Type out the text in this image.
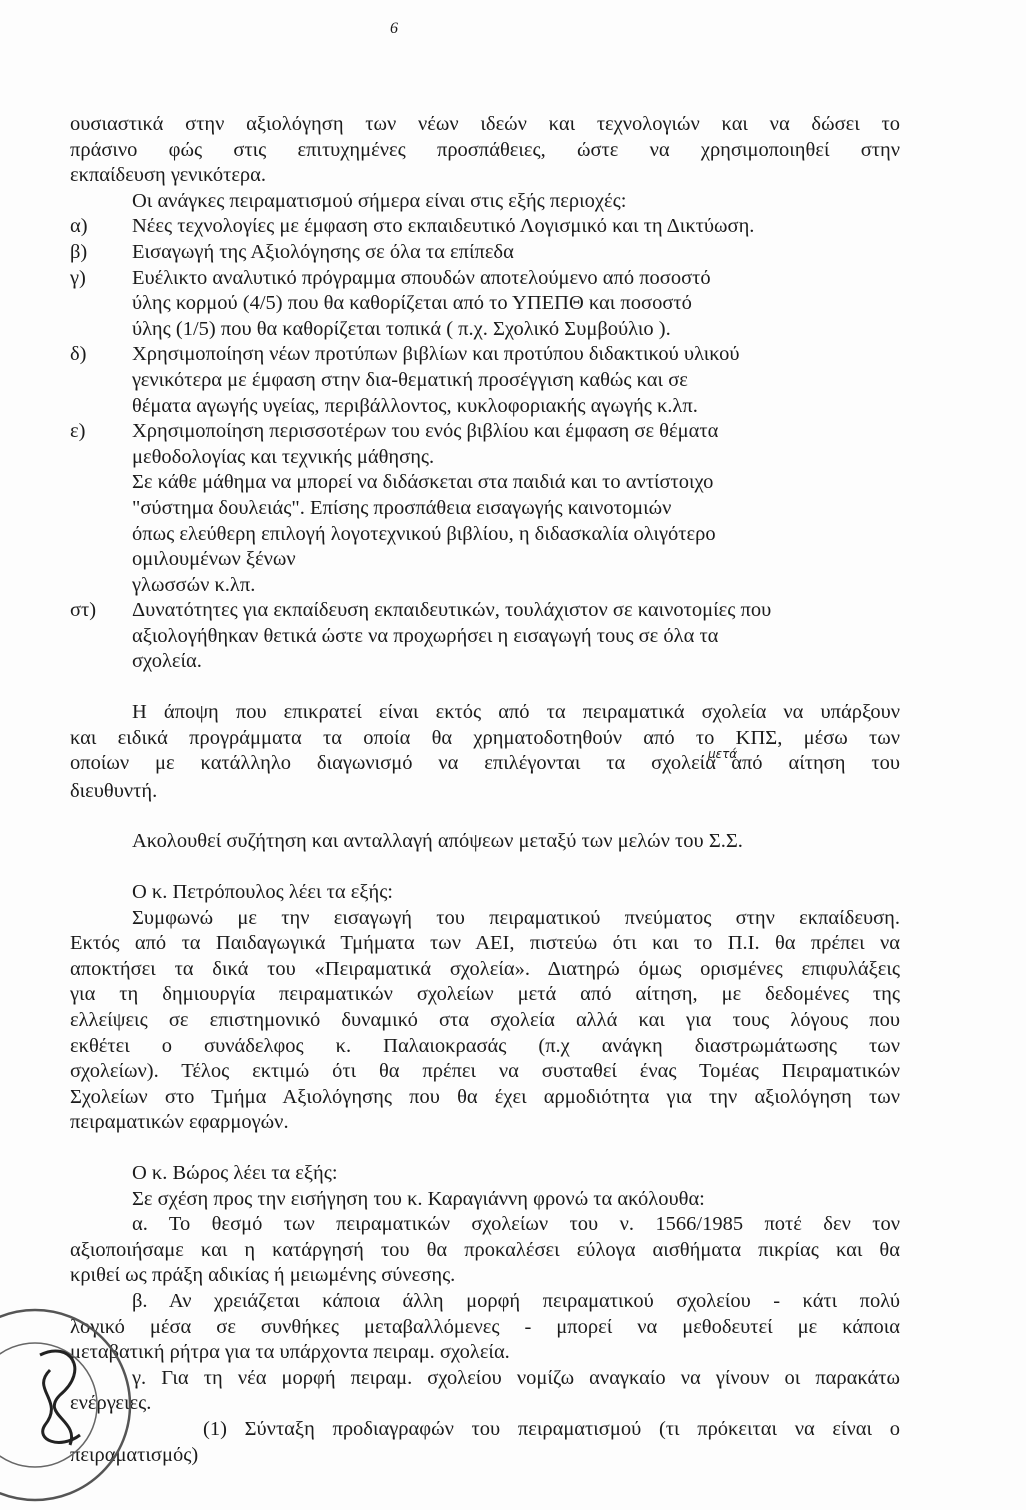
6

ουσιαστικά στην αξιολόγηση των νέων ιδεών και τεχνολογιών και να δώσει το

πράσινο φώς στις επιτυχημένες προσπάθειες, ώστε να χρησιμοποιηθεί στην

εκπαίδευση γενικότερα.

Οι ανάγκες πειραματισμού σήμερα είναι στις εξής περιοχές:

α)	Νέες τεχνολογίες με έμφαση στο εκπαιδευτικό Λογισμικό και τη Δικτύωση.

β)	Εισαγωγή της Αξιολόγησης σε όλα τα επίπεδα

γ)	Ευέλικτο αναλυτικό πρόγραμμα σπουδών αποτελούμενο από ποσοστό

ύλης κορμού (4/5) που θα καθορίζεται από το ΥΠΕΠΘ και ποσοστό

ύλης (1/5) που θα καθορίζεται τοπικά ( π.χ. Σχολικό Συμβούλιο ).

δ)	Χρησιμοποίηση νέων προτύπων βιβλίων και προτύπου διδακτικού υλικού

γενικότερα με έμφαση στην δια-θεματική προσέγγιση καθώς και σε

θέματα αγωγής υγείας, περιβάλλοντος, κυκλοφοριακής αγωγής κ.λπ.

ε)	Χρησιμοποίηση περισσοτέρων του ενός βιβλίου και έμφαση σε θέματα

μεθοδολογίας και τεχνικής μάθησης.

Σε κάθε μάθημα να μπορεί να διδάσκεται στα παιδιά και το αντίστοιχο

"σύστημα δουλειάς". Επίσης προσπάθεια εισαγωγής καινοτομιών

όπως ελεύθερη επιλογή λογοτεχνικού βιβλίου, η διδασκαλία ολιγότερο

ομιλουμένων ξένων

γλωσσών κ.λπ.

στ)	Δυνατότητες για εκπαίδευση εκπαιδευτικών, τουλάχιστον σε καινοτομίες που

αξιολογήθηκαν θετικά ώστε να προχωρήσει η εισαγωγή τους σε όλα τα

σχολεία.

Η άποψη που επικρατεί είναι εκτός από τα πειραματικά σχολεία να υπάρξουν

και ειδικά προγράμματα τα οποία θα χρηματοδοτηθούν από το ΚΠΣ, μέσω των

οποίων με κατάλληλο διαγωνισμό να επιλέγονται τα σχολεία$^{\mu\varepsilon\tau ά}$από αίτηση του

διευθυντή.

Ακολουθεί συζήτηση και ανταλλαγή απόψεων μεταξύ των μελών του Σ.Σ.

Ο κ. Πετρόπουλος λέει τα εξής:

Συμφωνώ με την εισαγωγή του πειραματικού πνεύματος στην εκπαίδευση.

Εκτός από τα Παιδαγωγικά Τμήματα των ΑΕΙ, πιστεύω ότι και το Π.Ι. θα πρέπει να

αποκτήσει τα δικά του «Πειραματικά σχολεία». Διατηρώ όμως ορισμένες επιφυλάξεις

για τη δημιουργία πειραματικών σχολείων μετά από αίτηση, με δεδομένες της

ελλείψεις σε επιστημονικό δυναμικό στα σχολεία αλλά και για τους λόγους που

εκθέτει ο συνάδελφος κ. Παλαιοκρασάς (π.χ ανάγκη διαστρωμάτωσης των

σχολείων). Τέλος εκτιμώ ότι θα πρέπει να συσταθεί ένας Τομέας Πειραματικών

Σχολείων στο Τμήμα Αξιολόγησης που θα έχει αρμοδιότητα για την αξιολόγηση των

πειραματικών εφαρμογών.

Ο κ. Βώρος λέει τα εξής:

Σε σχέση προς την εισήγηση του κ. Καραγιάννη φρονώ τα ακόλουθα:

α. Το θεσμό των πειραματικών σχολείων του ν. 1566/1985 ποτέ δεν τον

αξιοποιήσαμε και η κατάργησή του θα προκαλέσει εύλογα αισθήματα πικρίας και θα

κριθεί ως πράξη αδικίας ή μειωμένης σύνεσης.

β. Αν χρειάζεται κάποια άλλη μορφή πειραματικού σχολείου - κάτι πολύ

λογικό μέσα σε συνθήκες μεταβαλλόμενες - μπορεί να μεθοδευτεί με κάποια

μεταβατική ρήτρα για τα υπάρχοντα πειραμ. σχολεία.

γ. Για τη νέα μορφή πειραμ. σχολείου νομίζω αναγκαίο να γίνουν οι παρακάτω

ενέργειες.

(1) Σύνταξη προδιαγραφών του πειραματισμού (τι πρόκειται να είναι ο

πειραματισμός)
